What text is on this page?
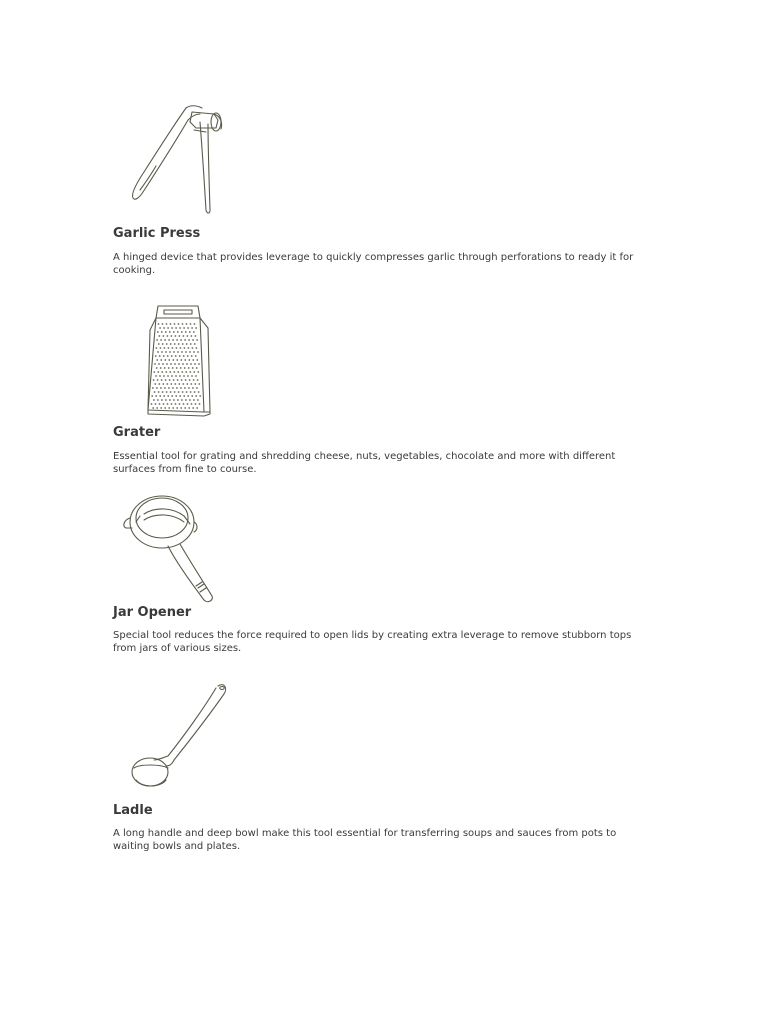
Garlic Press

A hinged device that provides leverage to quickly compresses garlic through perforations to ready it for cooking.

Grater

Essential tool for grating and shredding cheese, nuts, vegetables, chocolate and more with different surfaces from fine to course.

Jar Opener

Special tool reduces the force required to open lids by creating extra leverage to remove stubborn tops from jars of various sizes.

Ladle

A long handle and deep bowl make this tool essential for transferring soups and sauces from pots to waiting bowls and plates.
